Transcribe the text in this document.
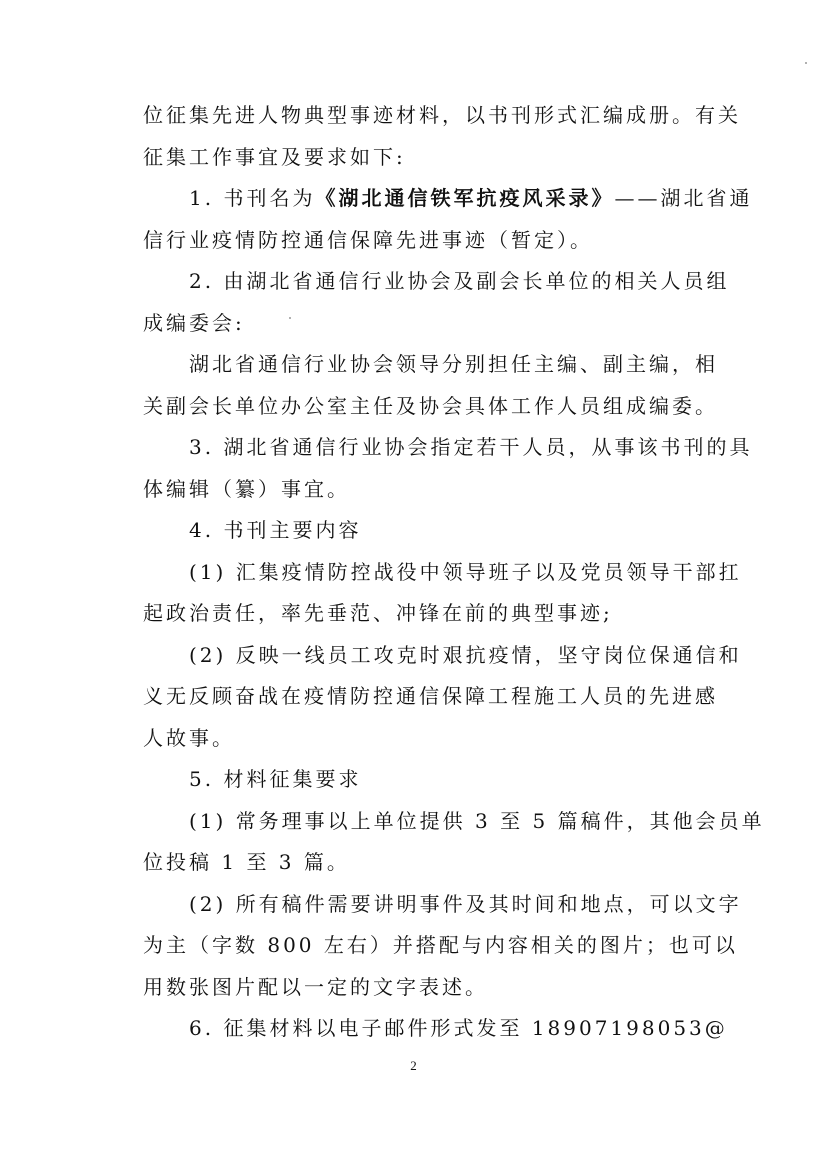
位征集先进人物典型事迹材料，以书刊形式汇编成册。有关
征集工作事宜及要求如下:
1. 书刊名为《湖北通信铁军抗疫风采录》——湖北省通
信行业疫情防控通信保障先进事迹（暂定）。
2. 由湖北省通信行业协会及副会长单位的相关人员组
成编委会:
湖北省通信行业协会领导分别担任主编、副主编，相
关副会长单位办公室主任及协会具体工作人员组成编委。
3. 湖北省通信行业协会指定若干人员，从事该书刊的具
体编辑（纂）事宜。
4. 书刊主要内容
(1) 汇集疫情防控战役中领导班子以及党员领导干部扛
起政治责任，率先垂范、冲锋在前的典型事迹;
(2) 反映一线员工攻克时艰抗疫情，坚守岗位保通信和
义无反顾奋战在疫情防控通信保障工程施工人员的先进感
人故事。
5. 材料征集要求
(1) 常务理事以上单位提供 3 至 5 篇稿件，其他会员单
位投稿 1 至 3 篇。
(2) 所有稿件需要讲明事件及其时间和地点，可以文字
为主（字数 800 左右）并搭配与内容相关的图片；也可以
用数张图片配以一定的文字表述。
6. 征集材料以电子邮件形式发至 18907198053@
2
